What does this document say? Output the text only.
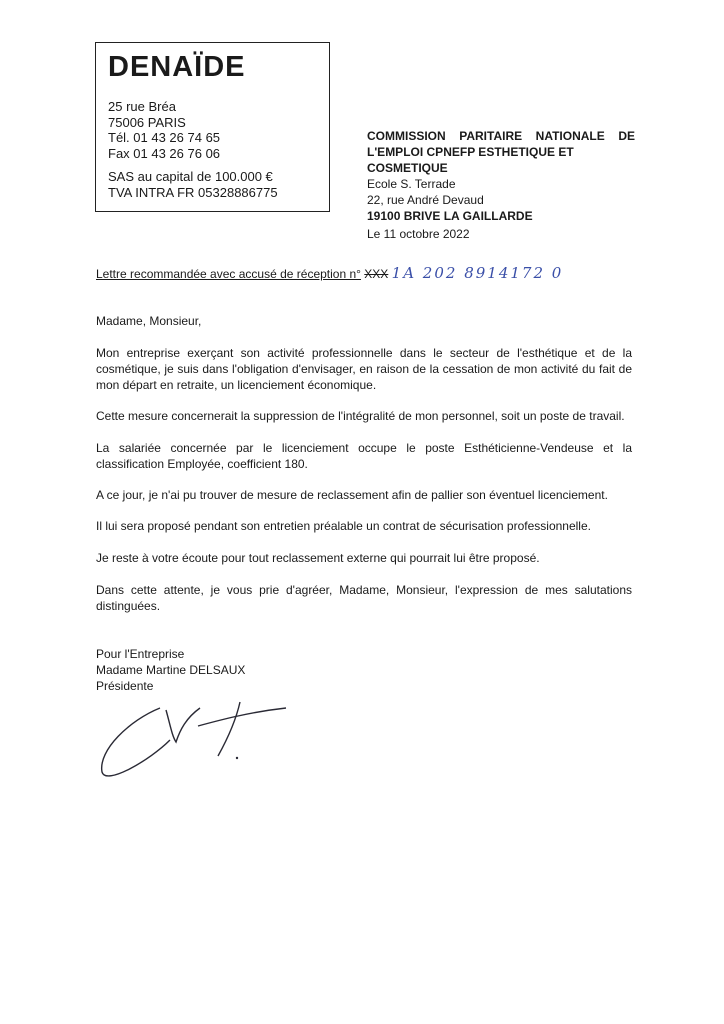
DENAÏDE
25 rue Bréa
75006 PARIS
Tél. 01 43 26 74 65
Fax 01 43 26 76 06
SAS au capital de 100.000 €
TVA INTRA FR 05328886775
COMMISSION PARITAIRE NATIONALE DE
L'EMPLOI CPNEFP ESTHETIQUE ET COSMETIQUE
Ecole S. Terrade
22, rue André Devaud
19100 BRIVE LA GAILLARDE
Le 11 octobre 2022
Lettre recommandée avec accusé de réception n° XXX 1A 202 8914172 0
Madame, Monsieur,
Mon entreprise exerçant son activité professionnelle dans le secteur de l'esthétique et de la cosmétique, je suis dans l'obligation d'envisager, en raison de la cessation de mon activité du fait de mon départ en retraite, un licenciement économique.
Cette mesure concernerait la suppression de l'intégralité de mon personnel, soit un poste de travail.
La salariée concernée par le licenciement occupe le poste Esthéticienne-Vendeuse et la classification Employée, coefficient 180.
A ce jour, je n'ai pu trouver de mesure de reclassement afin de pallier son éventuel licenciement.
Il lui sera proposé pendant son entretien préalable un contrat de sécurisation professionnelle.
Je reste à votre écoute pour tout reclassement externe qui pourrait lui être proposé.
Dans cette attente, je vous prie d'agréer, Madame, Monsieur, l'expression de mes salutations distinguées.
Pour l'Entreprise
Madame Martine DELSAUX
Présidente
